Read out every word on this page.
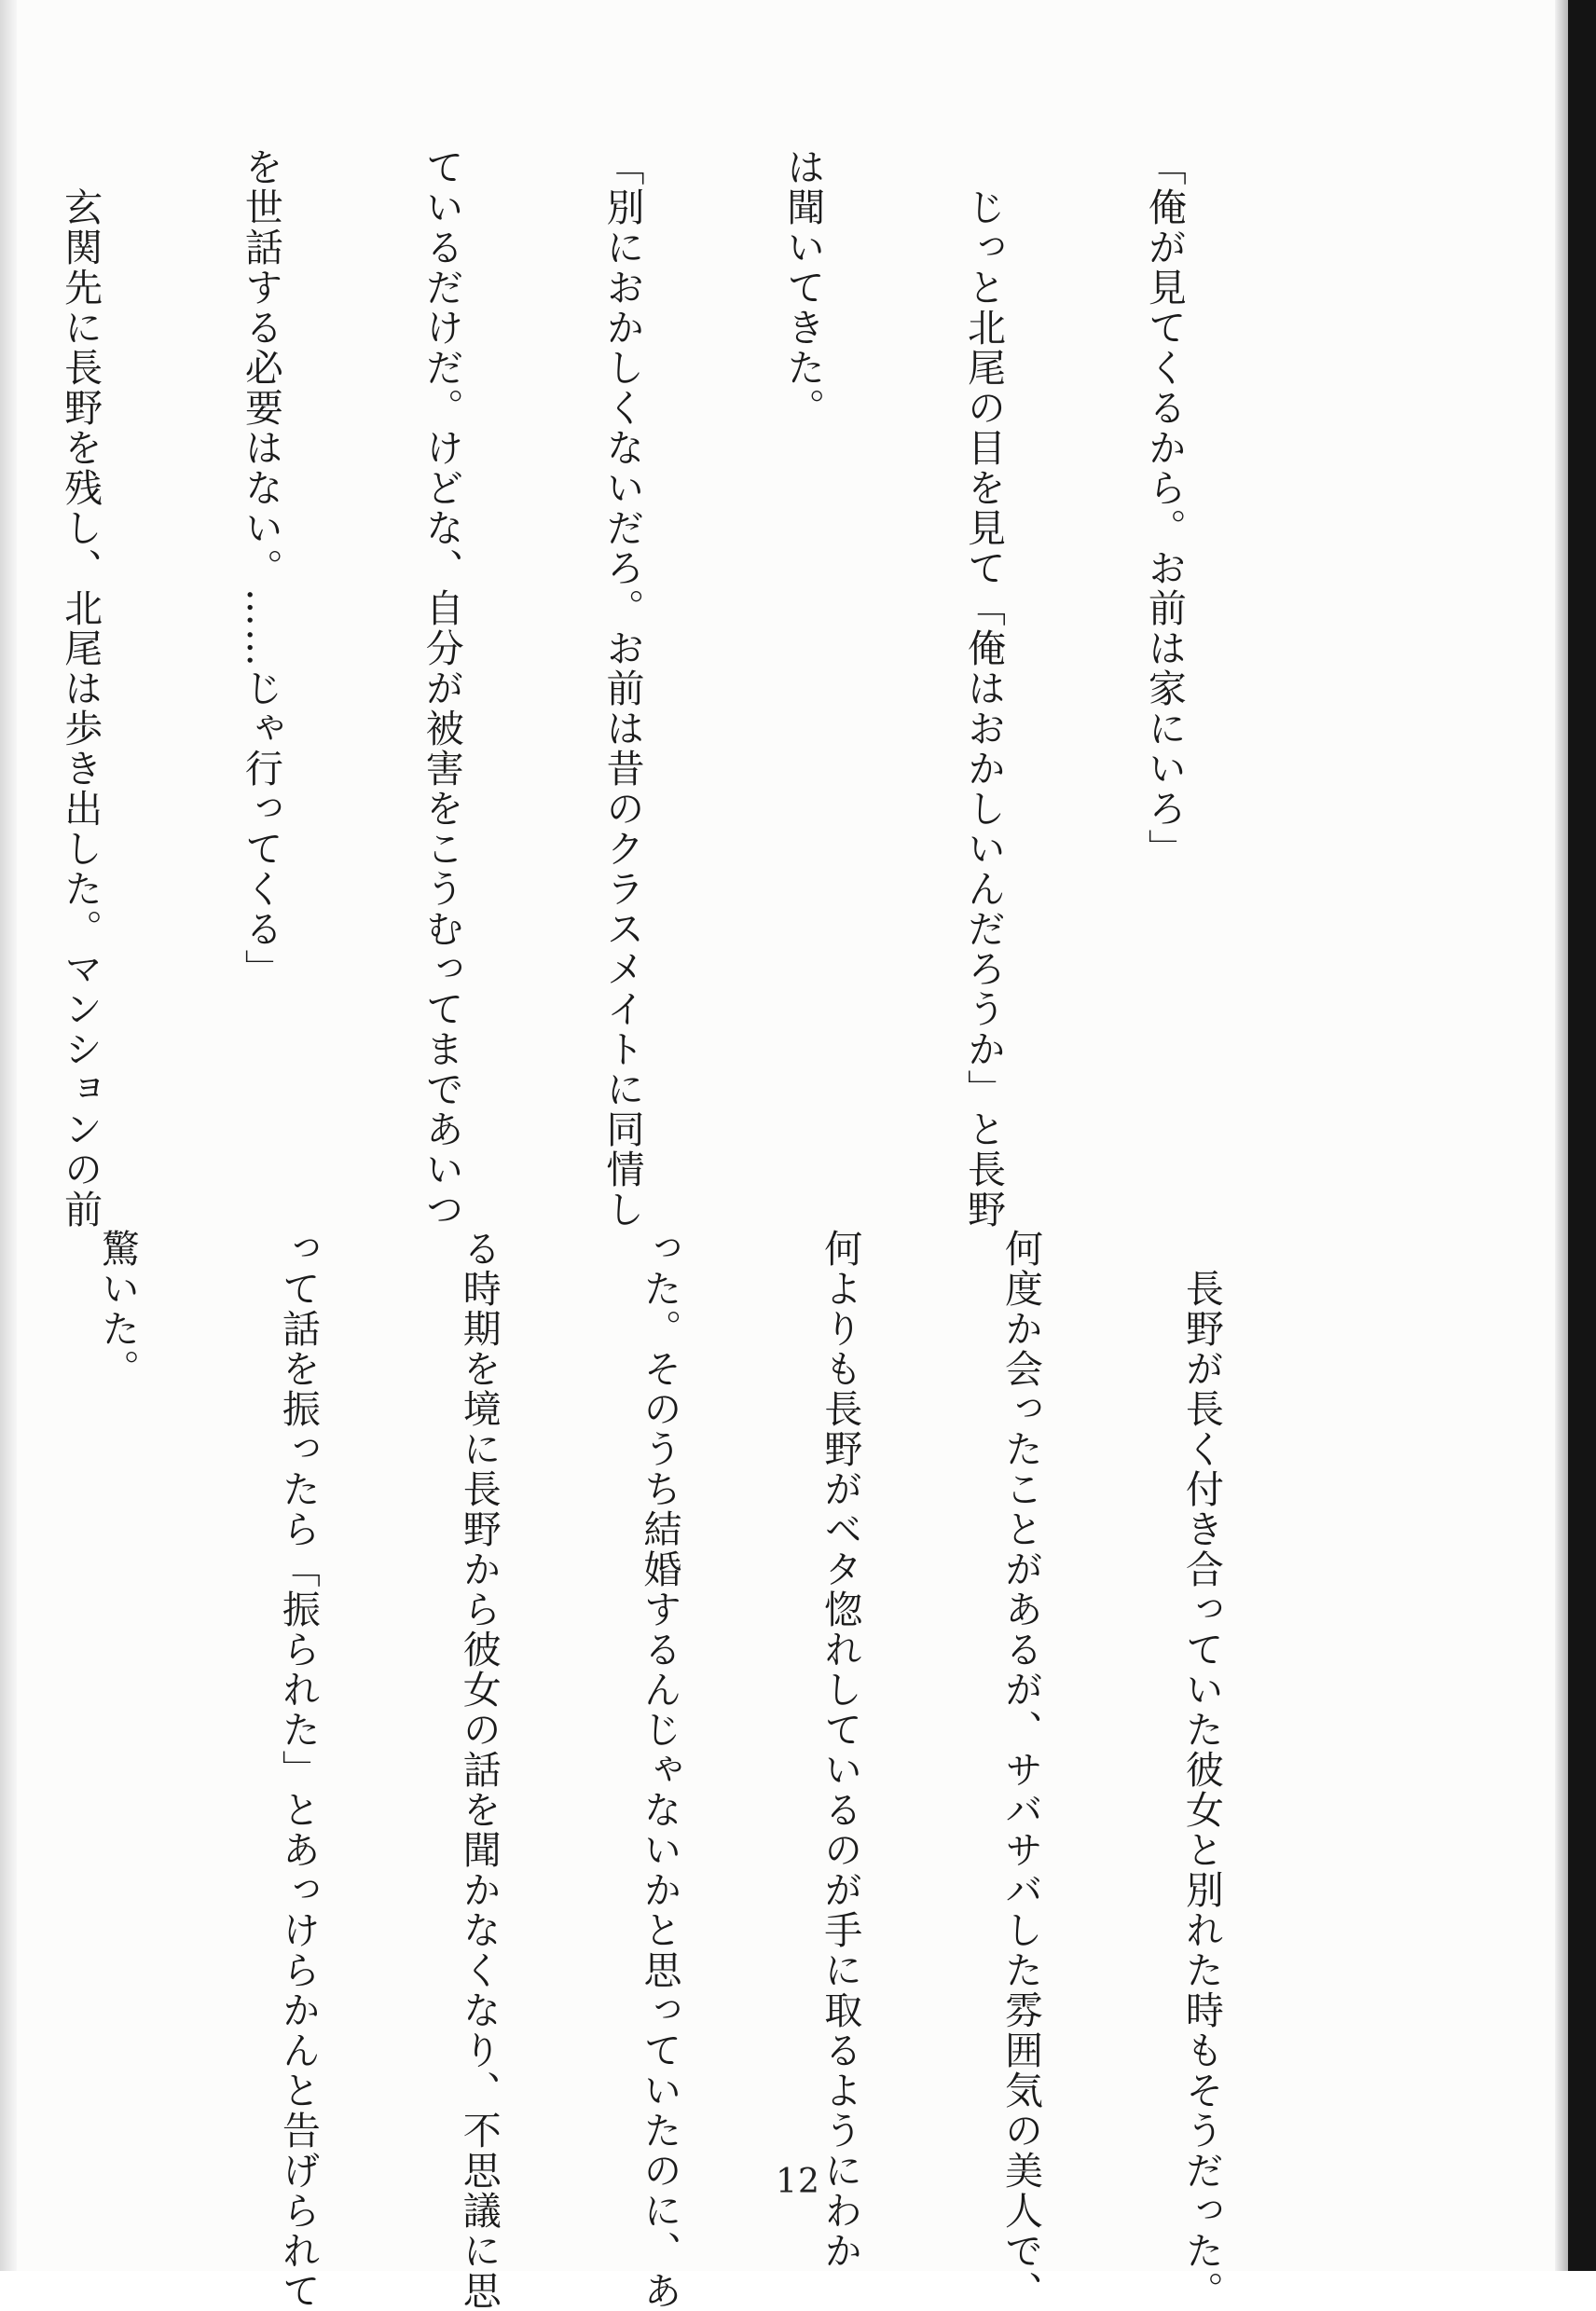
「俺が見てくるから。お前は家にいろ」

　じっと北尾の目を見て「俺はおかしいんだろうか」と長野

は聞いてきた。

「別におかしくないだろ。お前は昔のクラスメイトに同情し

ているだけだ。けどな、自分が被害をこうむってまであいつ

を世話する必要はない。……じゃ行ってくる」

　玄関先に長野を残し、北尾は歩き出した。マンションの前

　長野が長く付き合っていた彼女と別れた時もそうだった。

何度か会ったことがあるが、サバサバした雰囲気の美人で、

何よりも長野がベタ惚れしているのが手に取るようにわか

った。そのうち結婚するんじゃないかと思っていたのに、あ

る時期を境に長野から彼女の話を聞かなくなり、不思議に思

って話を振ったら「振られた」とあっけらかんと告げられて

驚いた。

12
